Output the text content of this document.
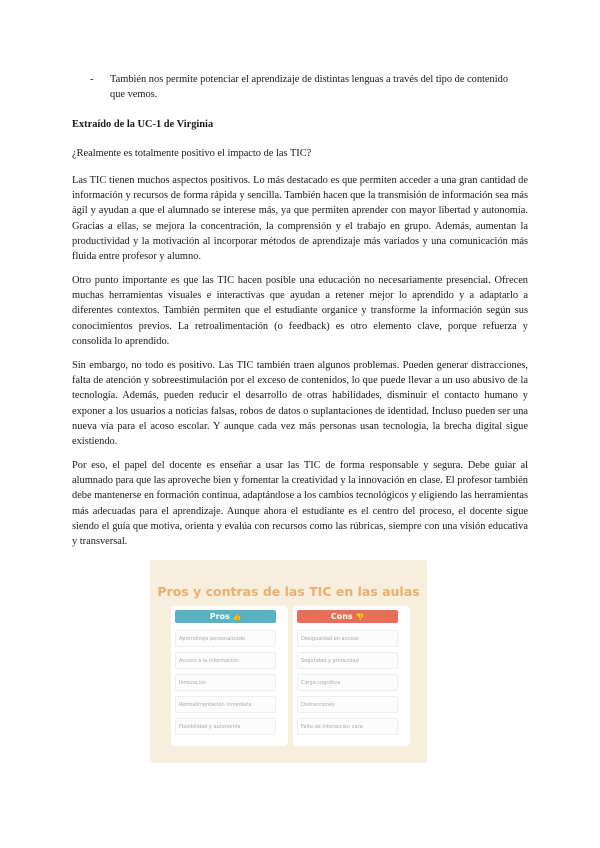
-	También nos permite potenciar el aprendizaje de distintas lenguas a través del tipo de contenido que vemos.
Extraído de la UC-1 de Virginia
¿Realmente es totalmente positivo el impacto de las TIC?
Las TIC tienen muchos aspectos positivos. Lo más destacado es que permiten acceder a una gran cantidad de información y recursos de forma rápida y sencilla. También hacen que la transmisión de información sea más ágil y ayudan a que el alumnado se interese más, ya que permiten aprender con mayor libertad y autonomía. Gracias a ellas, se mejora la concentración, la comprensión y el trabajo en grupo. Además, aumentan la productividad y la motivación al incorporar métodos de aprendizaje más variados y una comunicación más fluida entre profesor y alumno.
Otro punto importante es que las TIC hacen posible una educación no necesariamente presencial. Ofrecen muchas herramientas visuales e interactivas que ayudan a retener mejor lo aprendido y a adaptarlo a diferentes contextos. También permiten que el estudiante organice y transforme la información según sus conocimientos previos. La retroalimentación (o feedback) es otro elemento clave, porque refuerza y consolida lo aprendido.
Sin embargo, no todo es positivo. Las TIC también traen algunos problemas. Pueden generar distracciones, falta de atención y sobreestimulación por el exceso de contenidos, lo que puede llevar a un uso abusivo de la tecnología. Además, pueden reducir el desarrollo de otras habilidades, disminuir el contacto humano y exponer a los usuarios a noticias falsas, robos de datos o suplantaciones de identidad. Incluso pueden ser una nueva vía para el acoso escolar. Y aunque cada vez más personas usan tecnología, la brecha digital sigue existiendo.
Por eso, el papel del docente es enseñar a usar las TIC de forma responsable y segura. Debe guiar al alumnado para que las aproveche bien y fomentar la creatividad y la innovación en clase. El profesor también debe mantenerse en formación continua, adaptándose a los cambios tecnológicos y eligiendo las herramientas más adecuadas para el aprendizaje. Aunque ahora el estudiante es el centro del proceso, el docente sigue siendo el guía que motiva, orienta y evalúa con recursos como las rúbricas, siempre con una visión educativa y transversal.
Pros y contras de las TIC en las aulas
Pros 👍
Aprendizaje personalizado
Acceso a la información
Innovación
Retroalimentación inmediata
Flexibilidad y autonomía
Cons 👎
Desigualdad en acceso
Seguridad y privacidad
Carga cognitiva
Distracciones
Falta de interacción cara
